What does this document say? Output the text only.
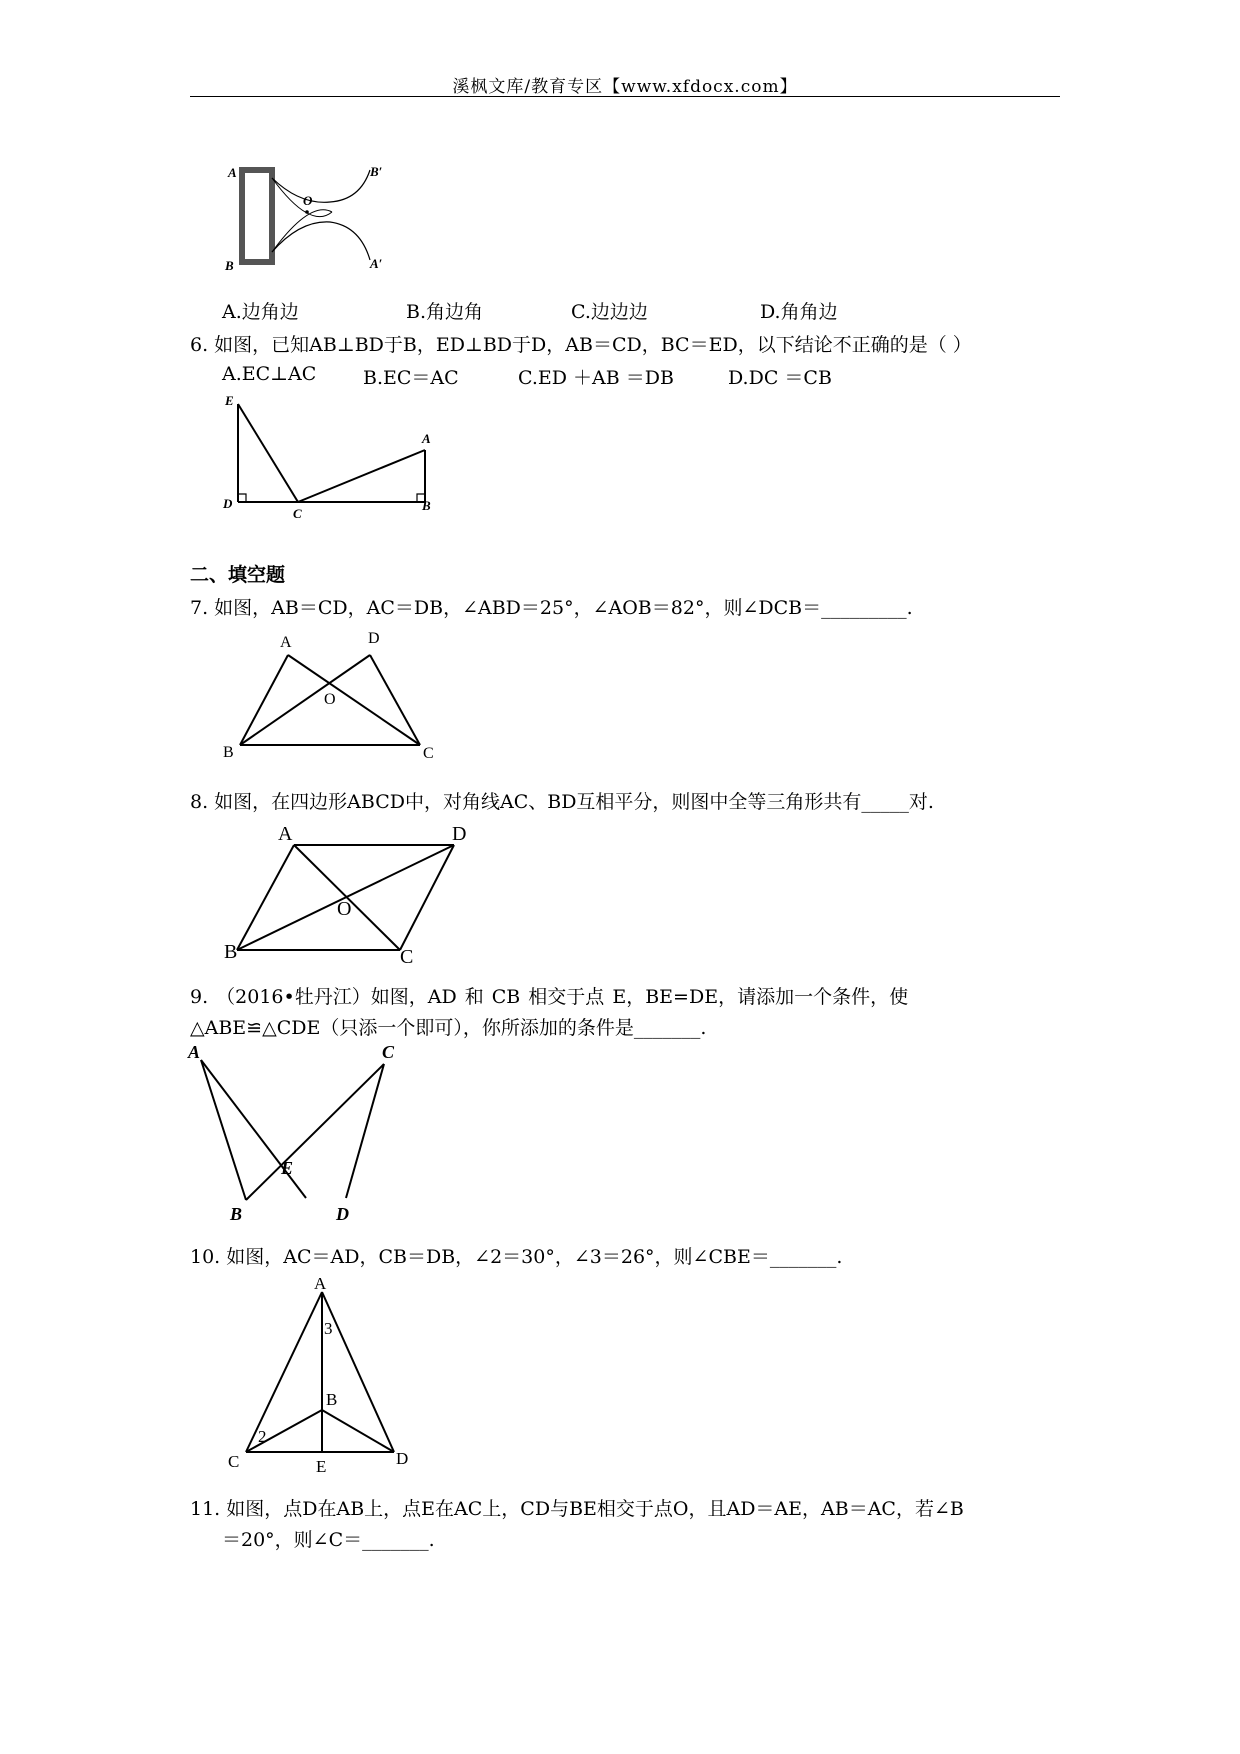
溪枫文库/教育专区【www.xfdocx.com】
A
B
O
B′
A′
A.边角边	B.角边角	C.边边边	D.角角边
6. 如图，已知AB⊥BD于B，ED⊥BD于D，AB＝CD，BC＝ED，以下结论不正确的是（ ）
A.EC⊥AC B.EC＝AC	C.ED ＋AB ＝DB	D.DC ＝CB
E
A
D
C
B
二、填空题
7. 如图，AB＝CD，AC＝DB，∠ABD＝25°，∠AOB＝82°，则∠DCB＝_________.
A	D
O
B	C
8. 如图，在四边形ABCD中，对角线AC、BD互相平分，则图中全等三角形共有_____对.
A	D
O
B	C
9. （2016•牡丹江）如图，AD 和 CB 相交于点 E，BE=DE，请添加一个条件，使
△ABE≌△CDE（只添一个即可），你所添加的条件是_______.
A	C
E
B	D
10. 如图，AC＝AD，CB＝DB，∠2＝30°，∠3＝26°，则∠CBE＝_______.
A
3
B
2
C	E	D
11. 如图，点D在AB上，点E在AC上，CD与BE相交于点O，且AD＝AE，AB＝AC，若∠B
＝20°，则∠C＝_______.
